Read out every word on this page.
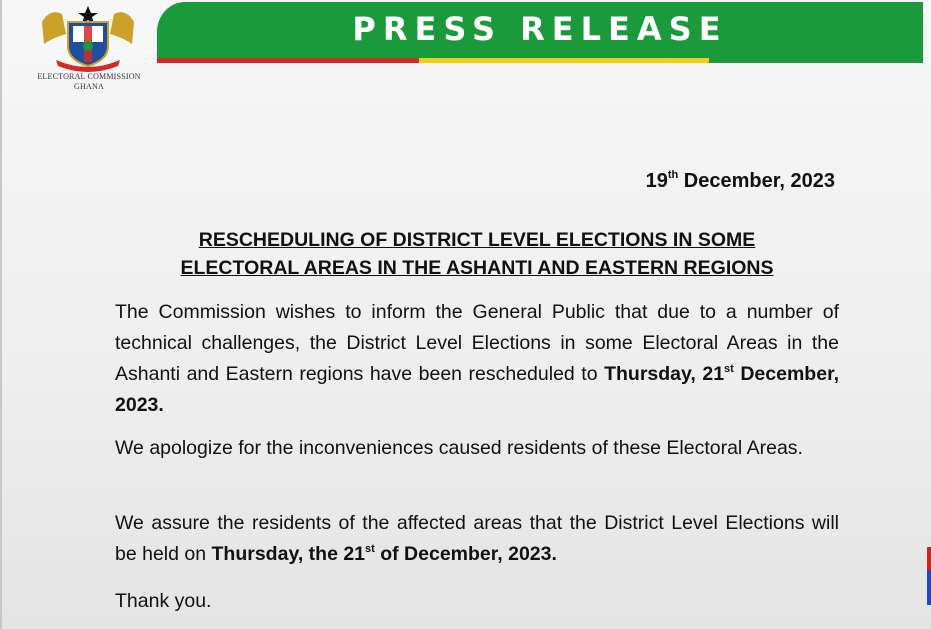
ELECTORAL COMMISSION
GHANA
PRESS RELEASE
19th December, 2023
RESCHEDULING OF DISTRICT LEVEL ELECTIONS IN SOME
ELECTORAL AREAS IN THE ASHANTI AND EASTERN REGIONS
The Commission wishes to inform the General Public that due to a number of technical challenges, the District Level Elections in some Electoral Areas in the Ashanti and Eastern regions have been rescheduled to Thursday, 21st December, 2023.
We apologize for the inconveniences caused residents of these Electoral Areas.
We assure the residents of the affected areas that the District Level Elections will be held on Thursday, the 21st of December, 2023.
Thank you.
